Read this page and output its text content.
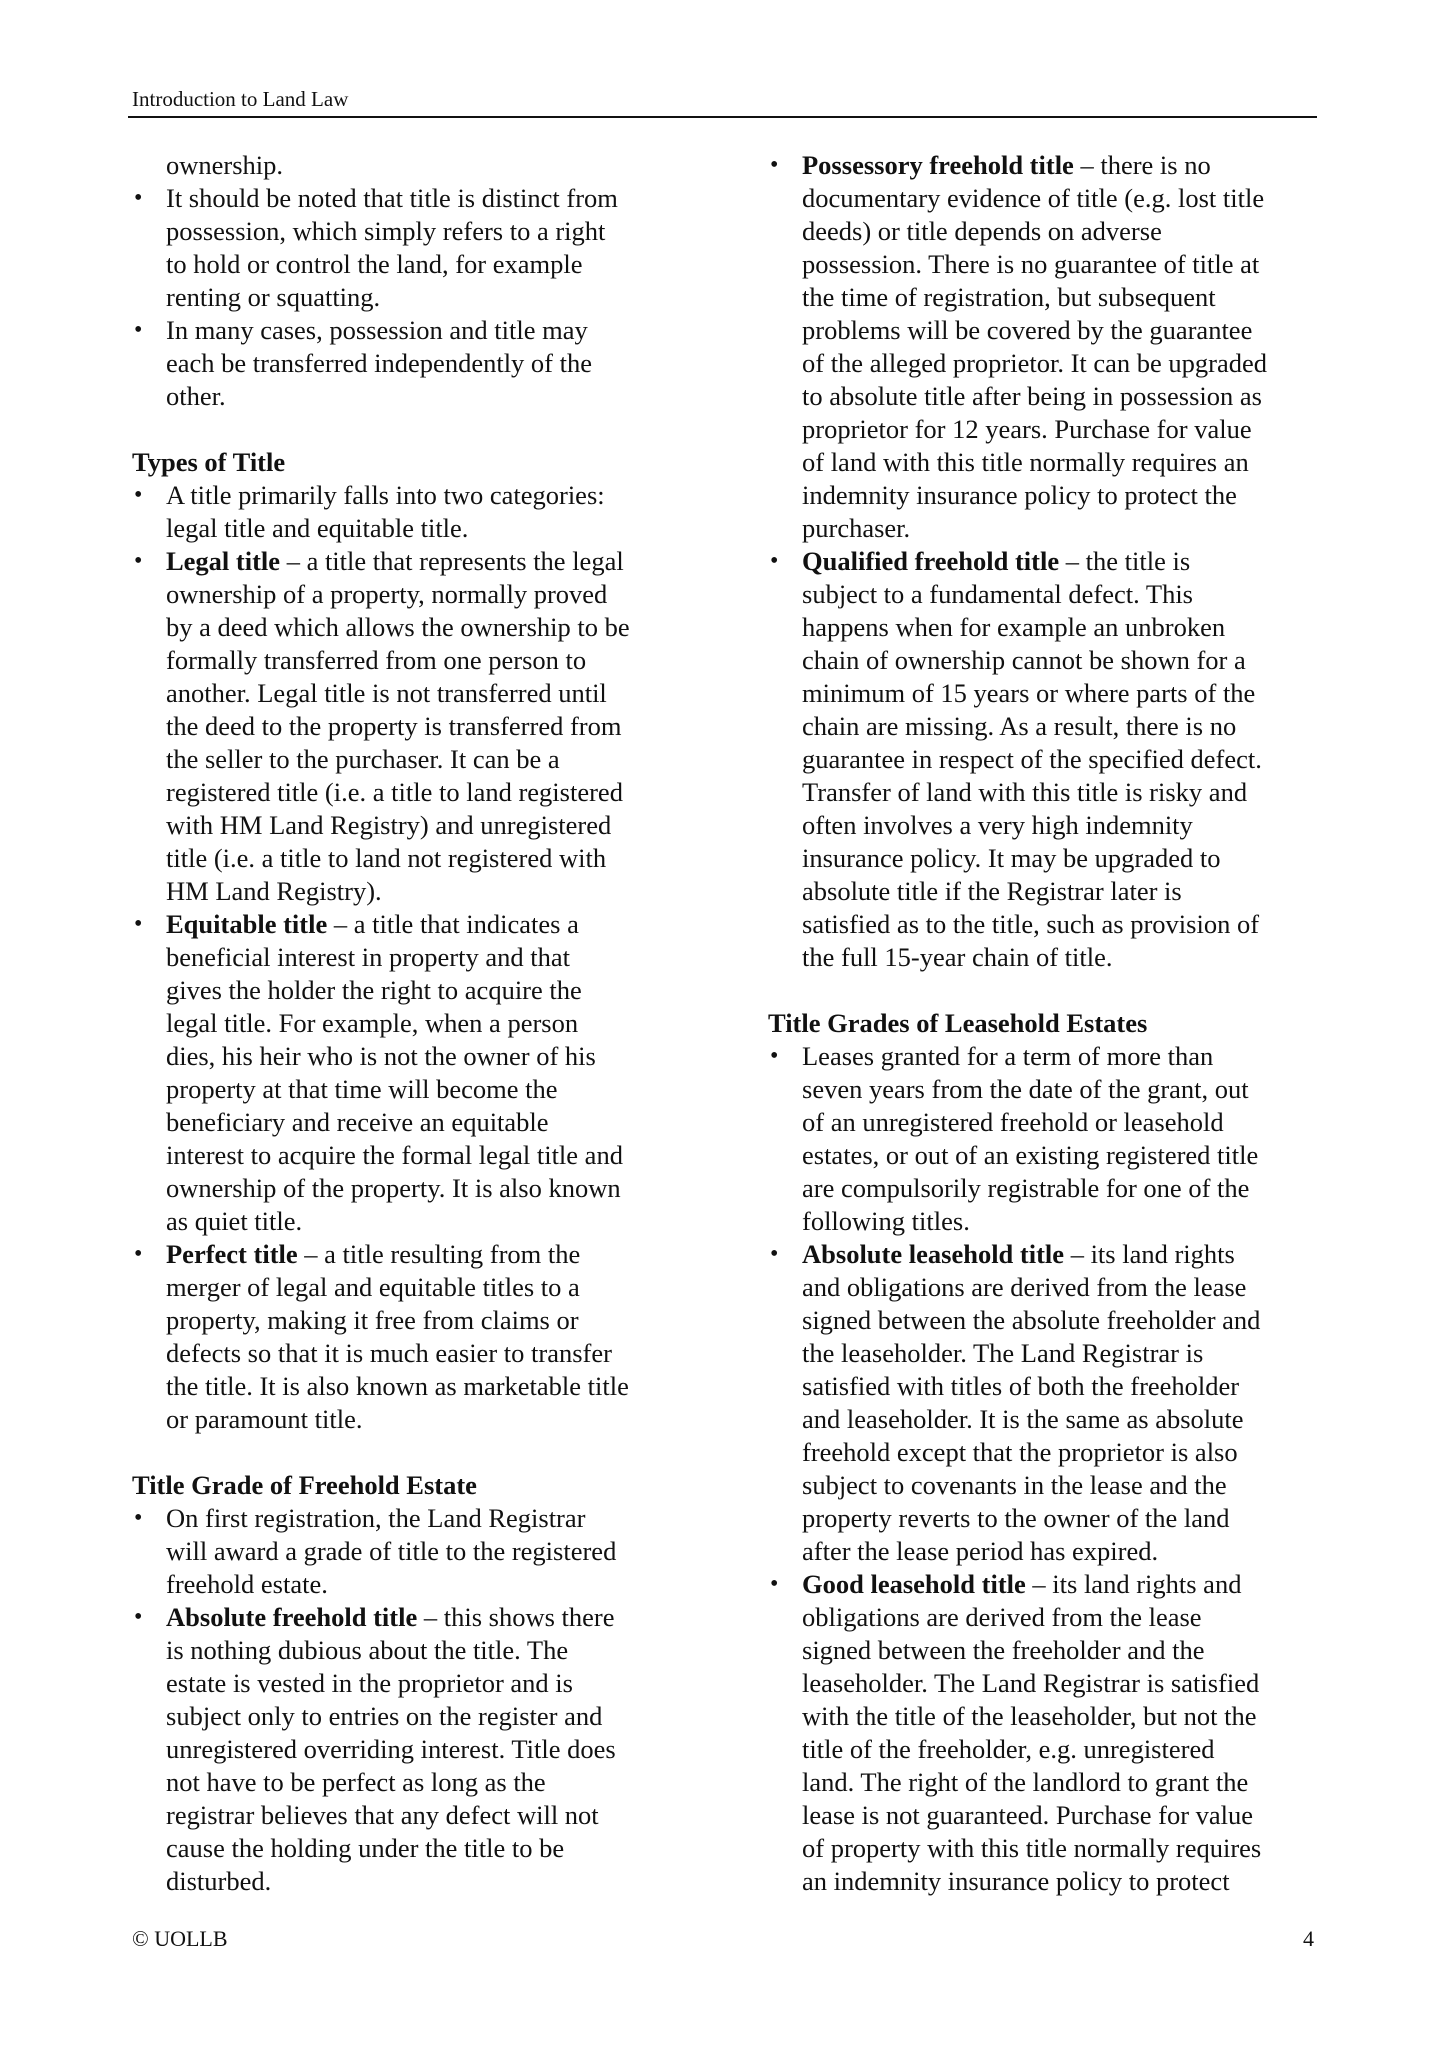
Introduction to Land Law
ownership.
• It should be noted that title is distinct from
possession, which simply refers to a right
to hold or control the land, for example
renting or squatting.
• In many cases, possession and title may
each be transferred independently of the
other.
Types of Title
• A title primarily falls into two categories:
legal title and equitable title.
• Legal title – a title that represents the legal
ownership of a property, normally proved
by a deed which allows the ownership to be
formally transferred from one person to
another. Legal title is not transferred until
the deed to the property is transferred from
the seller to the purchaser. It can be a
registered title (i.e. a title to land registered
with HM Land Registry) and unregistered
title (i.e. a title to land not registered with
HM Land Registry).
• Equitable title – a title that indicates a
beneficial interest in property and that
gives the holder the right to acquire the
legal title. For example, when a person
dies, his heir who is not the owner of his
property at that time will become the
beneficiary and receive an equitable
interest to acquire the formal legal title and
ownership of the property. It is also known
as quiet title.
• Perfect title – a title resulting from the
merger of legal and equitable titles to a
property, making it free from claims or
defects so that it is much easier to transfer
the title. It is also known as marketable title
or paramount title.
Title Grade of Freehold Estate
• On first registration, the Land Registrar
will award a grade of title to the registered
freehold estate.
• Absolute freehold title – this shows there
is nothing dubious about the title. The
estate is vested in the proprietor and is
subject only to entries on the register and
unregistered overriding interest. Title does
not have to be perfect as long as the
registrar believes that any defect will not
cause the holding under the title to be
disturbed.
• Possessory freehold title – there is no
documentary evidence of title (e.g. lost title
deeds) or title depends on adverse
possession. There is no guarantee of title at
the time of registration, but subsequent
problems will be covered by the guarantee
of the alleged proprietor. It can be upgraded
to absolute title after being in possession as
proprietor for 12 years. Purchase for value
of land with this title normally requires an
indemnity insurance policy to protect the
purchaser.
• Qualified freehold title – the title is
subject to a fundamental defect. This
happens when for example an unbroken
chain of ownership cannot be shown for a
minimum of 15 years or where parts of the
chain are missing. As a result, there is no
guarantee in respect of the specified defect.
Transfer of land with this title is risky and
often involves a very high indemnity
insurance policy. It may be upgraded to
absolute title if the Registrar later is
satisfied as to the title, such as provision of
the full 15-year chain of title.
Title Grades of Leasehold Estates
• Leases granted for a term of more than
seven years from the date of the grant, out
of an unregistered freehold or leasehold
estates, or out of an existing registered title
are compulsorily registrable for one of the
following titles.
• Absolute leasehold title – its land rights
and obligations are derived from the lease
signed between the absolute freeholder and
the leaseholder. The Land Registrar is
satisfied with titles of both the freeholder
and leaseholder. It is the same as absolute
freehold except that the proprietor is also
subject to covenants in the lease and the
property reverts to the owner of the land
after the lease period has expired.
• Good leasehold title – its land rights and
obligations are derived from the lease
signed between the freeholder and the
leaseholder. The Land Registrar is satisfied
with the title of the leaseholder, but not the
title of the freeholder, e.g. unregistered
land. The right of the landlord to grant the
lease is not guaranteed. Purchase for value
of property with this title normally requires
an indemnity insurance policy to protect
© UOLLB	4
